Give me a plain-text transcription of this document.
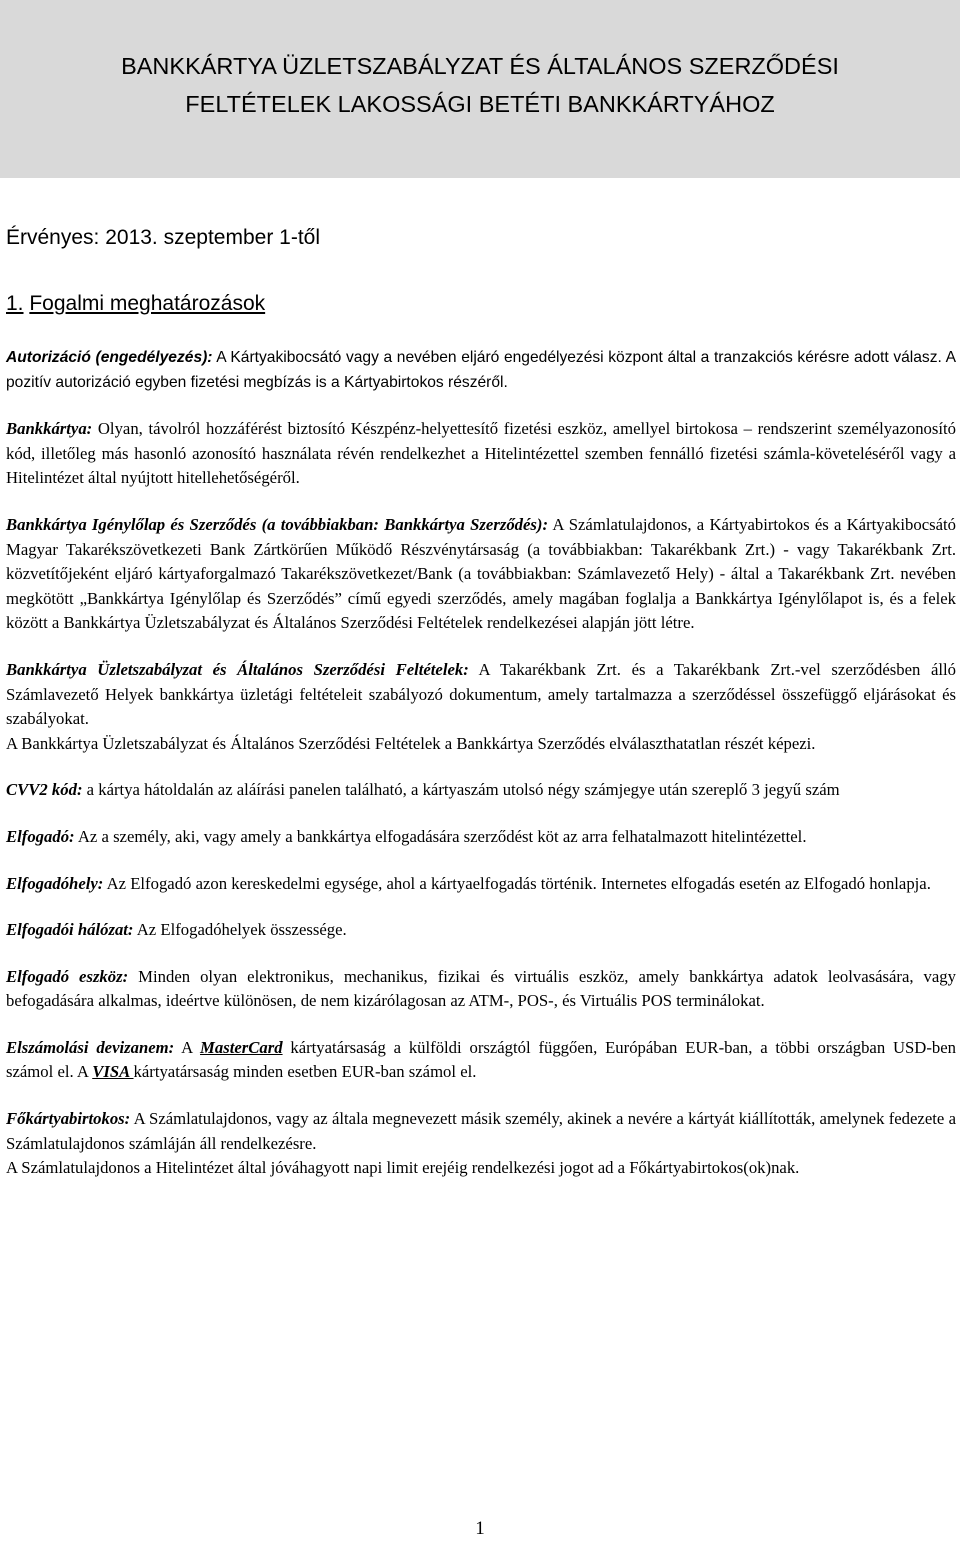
BANKKÁRTYA ÜZLETSZABÁLYZAT ÉS ÁLTALÁNOS SZERZŐDÉSI
FELTÉTELEK LAKOSSÁGI BETÉTI BANKKÁRTYÁHOZ

Érvényes: 2013. szeptember 1-től

1. Fogalmi meghatározások

Autorizáció (engedélyezés): A Kártyakibocsátó vagy a nevében eljáró engedélyezési központ által a tranzakciós kérésre adott válasz. A pozitív autorizáció egyben fizetési megbízás is a Kártyabirtokos részéről.

Bankkártya: Olyan, távolról hozzáférést biztosító Készpénz-helyettesítő fizetési eszköz, amellyel birtokosa – rendszerint személyazonosító kód, illetőleg más hasonló azonosító használata révén rendelkezhet a Hitelintézettel szemben fennálló fizetési számla-követeléséről vagy a Hitelintézet által nyújtott hitellehetőségéről.

Bankkártya Igénylőlap és Szerződés (a továbbiakban: Bankkártya Szerződés): A Számlatulajdonos, a Kártyabirtokos és a Kártyakibocsátó Magyar Takarékszövetkezeti Bank Zártkörűen Működő Részvénytársaság (a továbbiakban: Takarékbank Zrt.) - vagy Takarékbank Zrt. közvetítőjeként eljáró kártyaforgalmazó Takarékszövetkezet/Bank (a továbbiakban: Számlavezető Hely) - által a Takarékbank Zrt. nevében megkötött „Bankkártya Igénylőlap és Szerződés” című egyedi szerződés, amely magában foglalja a Bankkártya Igénylőlapot is, és a felek között a Bankkártya Üzletszabályzat és Általános Szerződési Feltételek rendelkezései alapján jött létre.

Bankkártya Üzletszabályzat és Általános Szerződési Feltételek: A Takarékbank Zrt. és a Takarékbank Zrt.-vel szerződésben álló Számlavezető Helyek bankkártya üzletági feltételeit szabályozó dokumentum, amely tartalmazza a szerződéssel összefüggő eljárásokat és szabályokat.

A Bankkártya Üzletszabályzat és Általános Szerződési Feltételek a Bankkártya Szerződés elválaszthatatlan részét képezi.

CVV2 kód: a kártya hátoldalán az aláírási panelen található, a kártyaszám utolsó négy számjegye után szereplő 3 jegyű szám

Elfogadó: Az a személy, aki, vagy amely a bankkártya elfogadására szerződést köt az arra felhatalmazott hitelintézettel.

Elfogadóhely: Az Elfogadó azon kereskedelmi egysége, ahol a kártyaelfogadás történik. Internetes elfogadás esetén az Elfogadó honlapja.

Elfogadói hálózat: Az Elfogadóhelyek összessége.

Elfogadó eszköz: Minden olyan elektronikus, mechanikus, fizikai és virtuális eszköz, amely bankkártya adatok leolvasására, vagy befogadására alkalmas, ideértve különösen, de nem kizárólagosan az ATM-, POS-, és Virtuális POS terminálokat.

Elszámolási devizanem: A MasterCard kártyatársaság a külföldi országtól függően, Európában EUR-ban, a többi országban USD-ben számol el. A VISA kártyatársaság minden esetben EUR-ban számol el.

Főkártyabirtokos: A Számlatulajdonos, vagy az általa megnevezett másik személy, akinek a nevére a kártyát kiállították, amelynek fedezete a Számlatulajdonos számláján áll rendelkezésre.

A Számlatulajdonos a Hitelintézet által jóváhagyott napi limit erejéig rendelkezési jogot ad a Főkártyabirtokos(ok)nak.

1
